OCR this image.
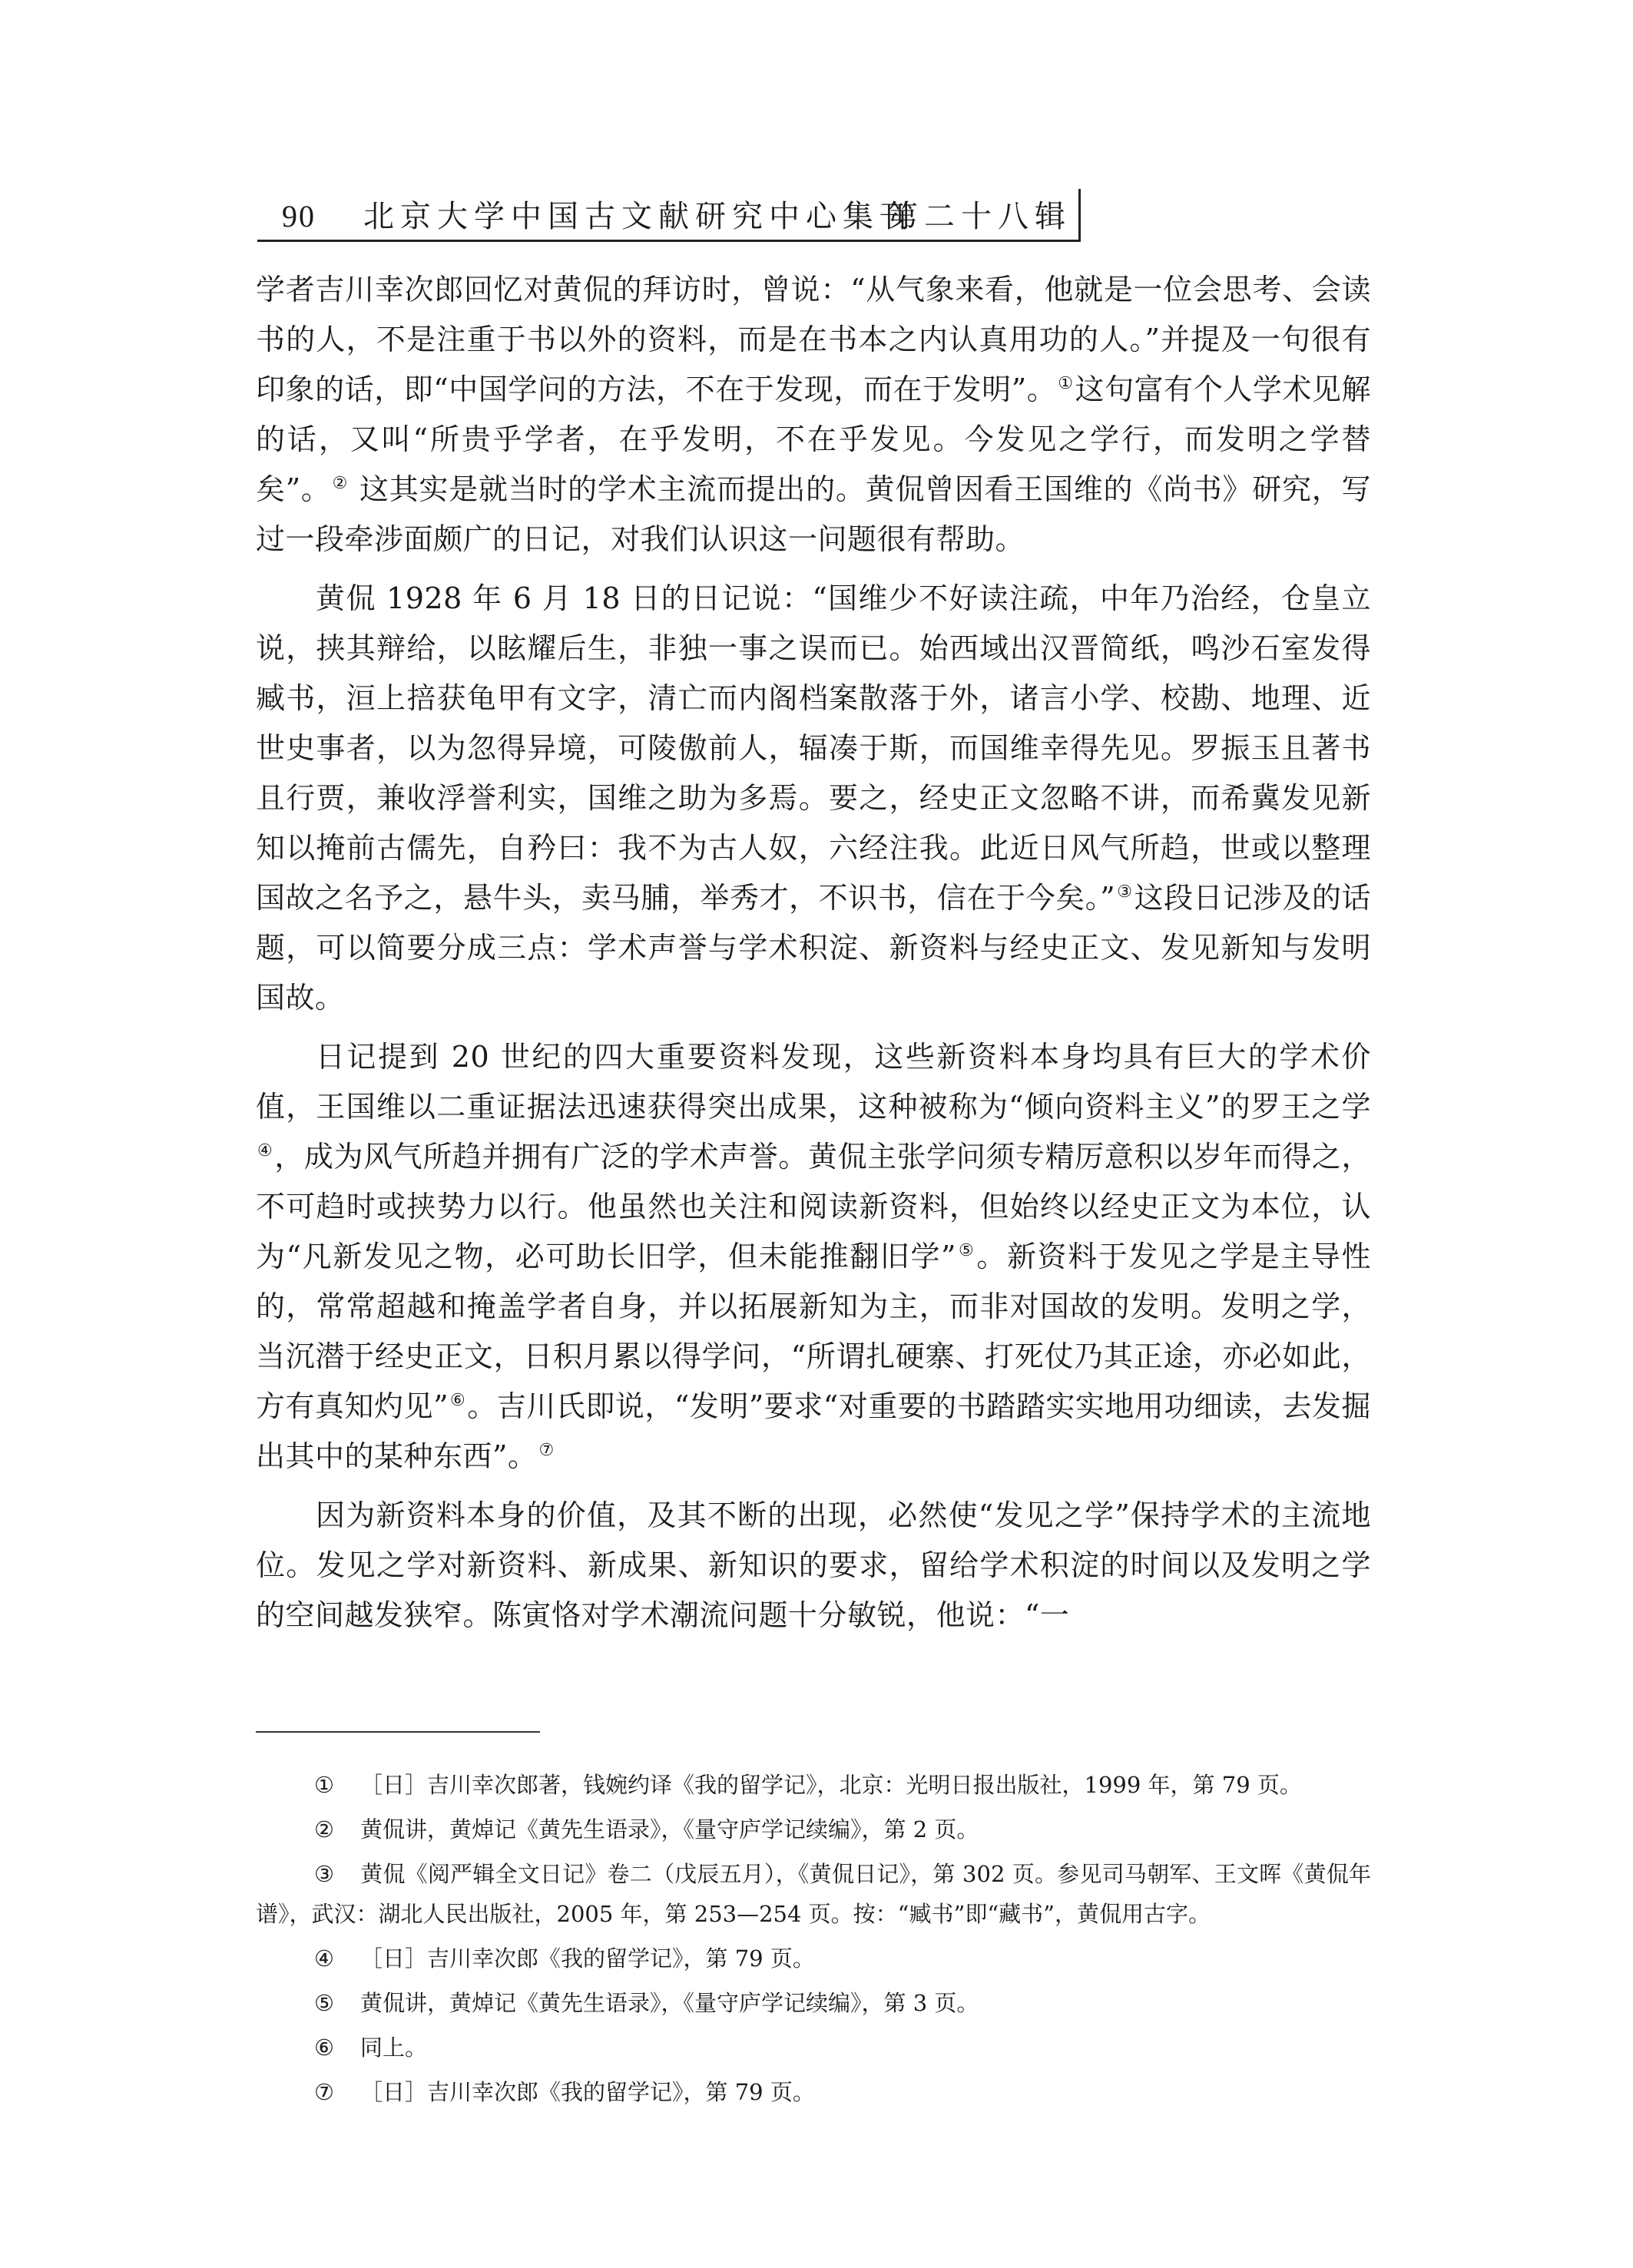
90 北京大学中国古文献研究中心集刊
第二十八辑

学者吉川幸次郎回忆对黄侃的拜访时，曾说：“从气象来看，他就是一位会思考、会读书的人，不是注重于书以外的资料，而是在书本之内认真用功的人。”并提及一句很有印象的话，即“中国学问的方法，不在于发现，而在于发明”。①这句富有个人学术见解的话，又叫“所贵乎学者，在乎发明，不在乎发见。今发见之学行，而发明之学替矣”。② 这其实是就当时的学术主流而提出的。黄侃曾因看王国维的《尚书》研究，写过一段牵涉面颇广的日记，对我们认识这一问题很有帮助。

黄侃 1928 年 6 月 18 日的日记说：“国维少不好读注疏，中年乃治经，仓皇立说，挟其辩给，以眩耀后生，非独一事之误而已。始西域出汉晋简纸，鸣沙石室发得臧书，洹上掊获龟甲有文字，清亡而内阁档案散落于外，诸言小学、校勘、地理、近世史事者，以为忽得异境，可陵傲前人，辐凑于斯，而国维幸得先见。罗振玉且著书且行贾，兼收浮誉利实，国维之助为多焉。要之，经史正文忽略不讲，而希冀发见新知以掩前古儒先，自矜曰：我不为古人奴，六经注我。此近日风气所趋，世或以整理国故之名予之，悬牛头，卖马脯，举秀才，不识书，信在于今矣。”③这段日记涉及的话题，可以简要分成三点：学术声誉与学术积淀、新资料与经史正文、发见新知与发明国故。

日记提到 20 世纪的四大重要资料发现，这些新资料本身均具有巨大的学术价值，王国维以二重证据法迅速获得突出成果，这种被称为“倾向资料主义”的罗王之学④，成为风气所趋并拥有广泛的学术声誉。黄侃主张学问须专精厉意积以岁年而得之，不可趋时或挟势力以行。他虽然也关注和阅读新资料，但始终以经史正文为本位，认为“凡新发见之物，必可助长旧学，但未能推翻旧学”⑤。新资料于发见之学是主导性的，常常超越和掩盖学者自身，并以拓展新知为主，而非对国故的发明。发明之学，当沉潜于经史正文，日积月累以得学问，“所谓扎硬寨、打死仗乃其正途，亦必如此，方有真知灼见”⑥。吉川氏即说，“发明”要求“对重要的书踏踏实实地用功细读，去发掘出其中的某种东西”。⑦

因为新资料本身的价值，及其不断的出现，必然使“发见之学”保持学术的主流地位。发见之学对新资料、新成果、新知识的要求，留给学术积淀的时间以及发明之学的空间越发狭窄。陈寅恪对学术潮流问题十分敏锐，他说：“一

① ［日］吉川幸次郎著，钱婉约译《我的留学记》，北京：光明日报出版社，1999 年，第 79 页。

② 黄侃讲，黄焯记《黄先生语录》，《量守庐学记续编》，第 2 页。

③ 黄侃《阅严辑全文日记》卷二（戊辰五月），《黄侃日记》，第 302 页。参见司马朝军、王文晖《黄侃年谱》，武汉：湖北人民出版社，2005 年，第 253—254 页。按：“臧书”即“藏书”，黄侃用古字。

④ ［日］吉川幸次郎《我的留学记》，第 79 页。

⑤ 黄侃讲，黄焯记《黄先生语录》，《量守庐学记续编》，第 3 页。

⑥ 同上。

⑦ ［日］吉川幸次郎《我的留学记》，第 79 页。
